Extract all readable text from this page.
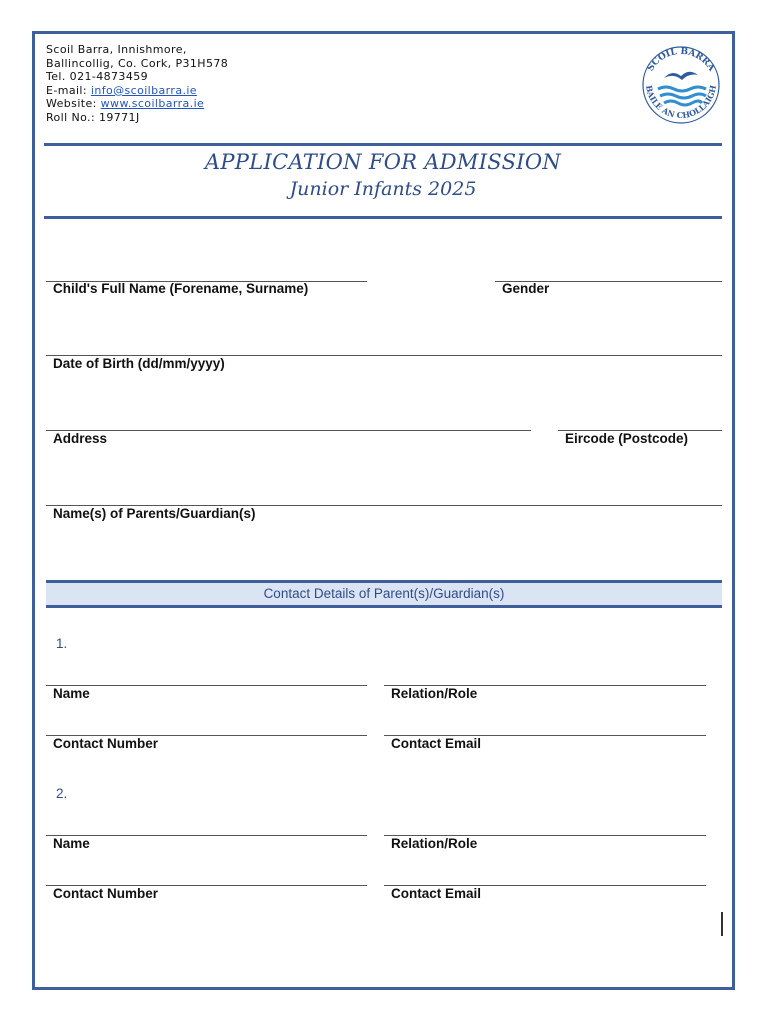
Scoil Barra, Innishmore,
Ballincollig, Co. Cork, P31H578
Tel. 021-4873459
E-mail: info@scoilbarra.ie
Website: www.scoilbarra.ie
Roll No.: 19771J
SCOIL BARRA
BAILE AN CHOLLAIGH
APPLICATION FOR ADMISSION
Junior Infants 2025
Child's Full Name (Forename, Surname)	Gender
Date of Birth (dd/mm/yyyy)
Address	Eircode (Postcode)
Name(s) of Parents/Guardian(s)
Contact Details of Parent(s)/Guardian(s)
1.
Name	Relation/Role
Contact Number	Contact Email
2.
Name	Relation/Role
Contact Number	Contact Email
